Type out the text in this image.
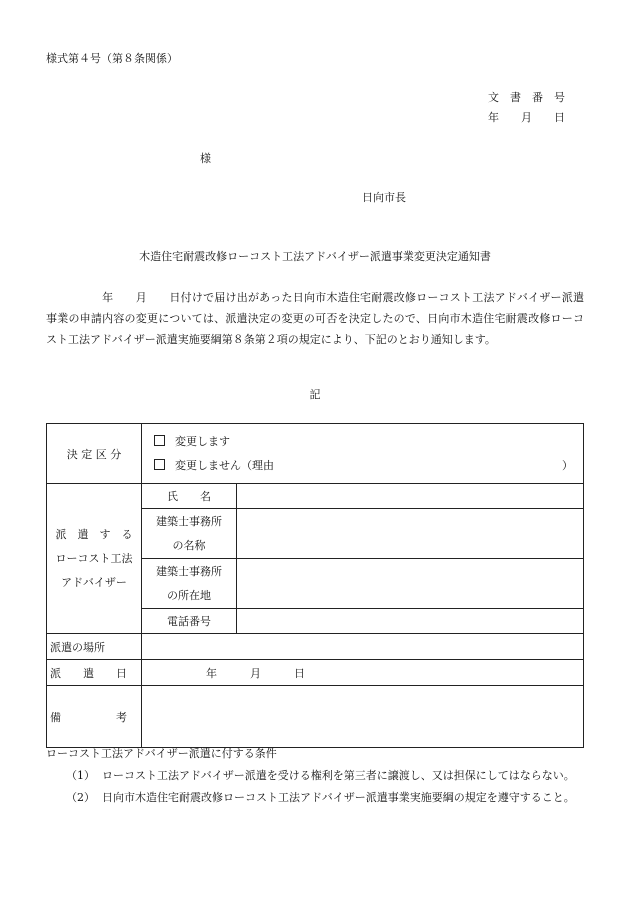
様式第４号（第８条関係）
文　書　番　号
年　　月　　日
様
日向市長
木造住宅耐震改修ローコスト工法アドバイザー派遣事業変更決定通知書
　　　　　年　　月　　日付けで届け出があった日向市木造住宅耐震改修ローコスト工法アドバイザー派遣事業の申請内容の変更については、派遣決定の変更の可否を決定したので、日向市木造住宅耐震改修ローコスト工法アドバイザー派遣実施要綱第８条第２項の規定により、下記のとおり通知します。
記
決 定 区 分	変更します
変更しません（理由 ）	

派　遣　す　る
ローコスト工法
アドバイザー	氏　　名	

	建築士事務所
の名称	

	建築士事務所
の所在地	

	電話番号	
派遣の場所		
派　　遣　　日	年　　　月　　　日	
備　　　　　考		
ローコスト工法アドバイザー派遣に付する条件
（1） ローコスト工法アドバイザー派遣を受ける権利を第三者に譲渡し、又は担保にしてはならない。
（2） 日向市木造住宅耐震改修ローコスト工法アドバイザー派遣事業実施要綱の規定を遵守すること。
